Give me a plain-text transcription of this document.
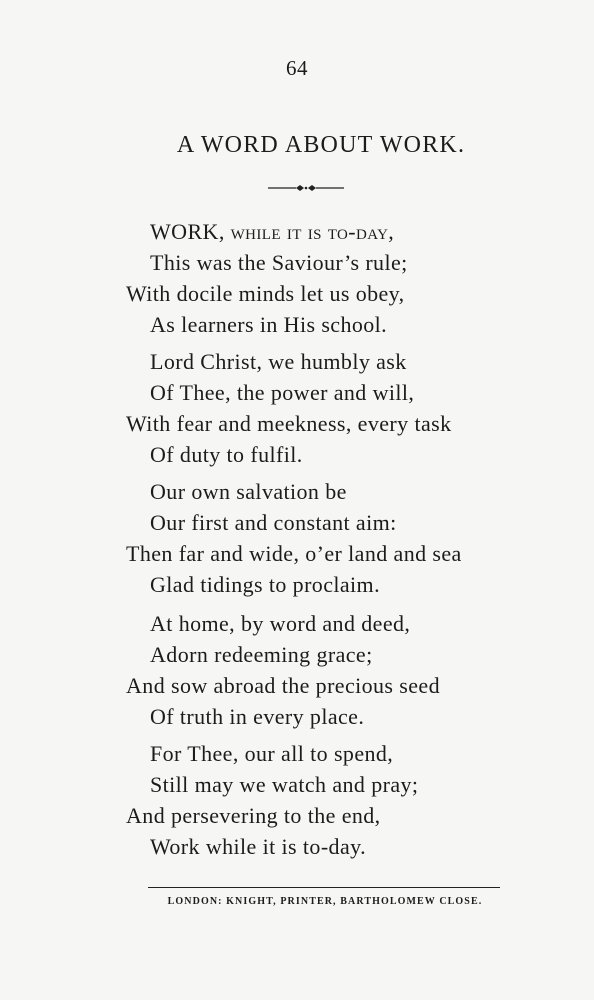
64
A WORD ABOUT WORK.
WORK, while it is to-day,
This was the Saviour’s rule;
With docile minds let us obey,
As learners in His school.
Lord Christ, we humbly ask
Of Thee, the power and will,
With fear and meekness, every task
Of duty to fulfil.
Our own salvation be
Our first and constant aim:
Then far and wide, o’er land and sea
Glad tidings to proclaim.
At home, by word and deed,
Adorn redeeming grace;
And sow abroad the precious seed
Of truth in every place.
For Thee, our all to spend,
Still may we watch and pray;
And persevering to the end,
Work while it is to-day.
LONDON: KNIGHT, PRINTER, BARTHOLOMEW CLOSE.
